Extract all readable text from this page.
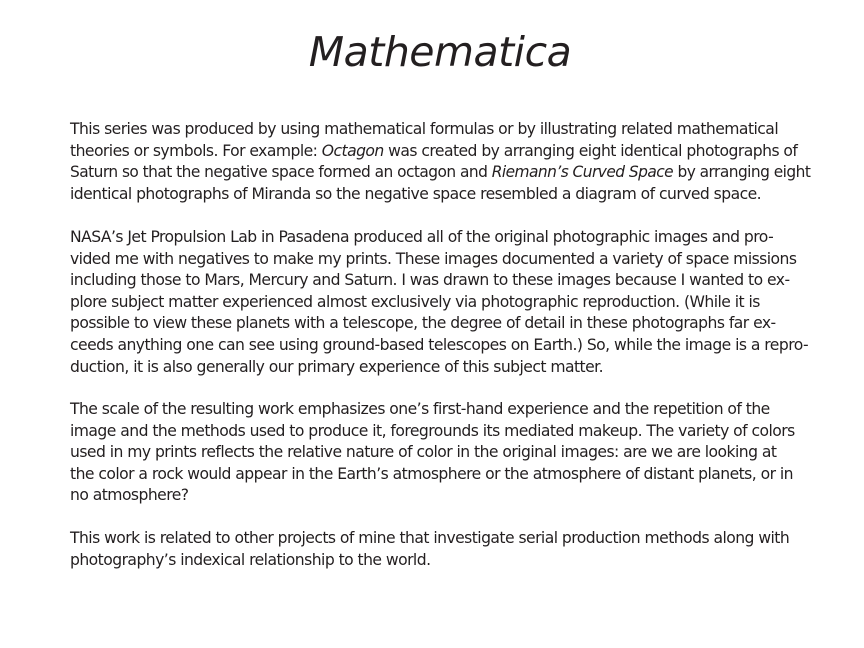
Mathematica
This series was produced by using mathematical formulas or by illustrating related mathematical
theories or symbols. For example: Octagon was created by arranging eight identical photographs of
Saturn so that the negative space formed an octagon and Riemann’s Curved Space by arranging eight
identical photographs of Miranda so the negative space resembled a diagram of curved space.
NASA’s Jet Propulsion Lab in Pasadena produced all of the original photographic images and pro-
vided me with negatives to make my prints. These images documented a variety of space missions
including those to Mars, Mercury and Saturn. I was drawn to these images because I wanted to ex-
plore subject matter experienced almost exclusively via photographic reproduction. (While it is
possible to view these planets with a telescope, the degree of detail in these photographs far ex-
ceeds anything one can see using ground-based telescopes on Earth.) So, while the image is a repro-
duction, it is also generally our primary experience of this subject matter.
The scale of the resulting work emphasizes one’s first-hand experience and the repetition of the
image and the methods used to produce it, foregrounds its mediated makeup. The variety of colors
used in my prints reflects the relative nature of color in the original images: are we are looking at
the color a rock would appear in the Earth’s atmosphere or the atmosphere of distant planets, or in
no atmosphere?
This work is related to other projects of mine that investigate serial production methods along with
photography’s indexical relationship to the world.
